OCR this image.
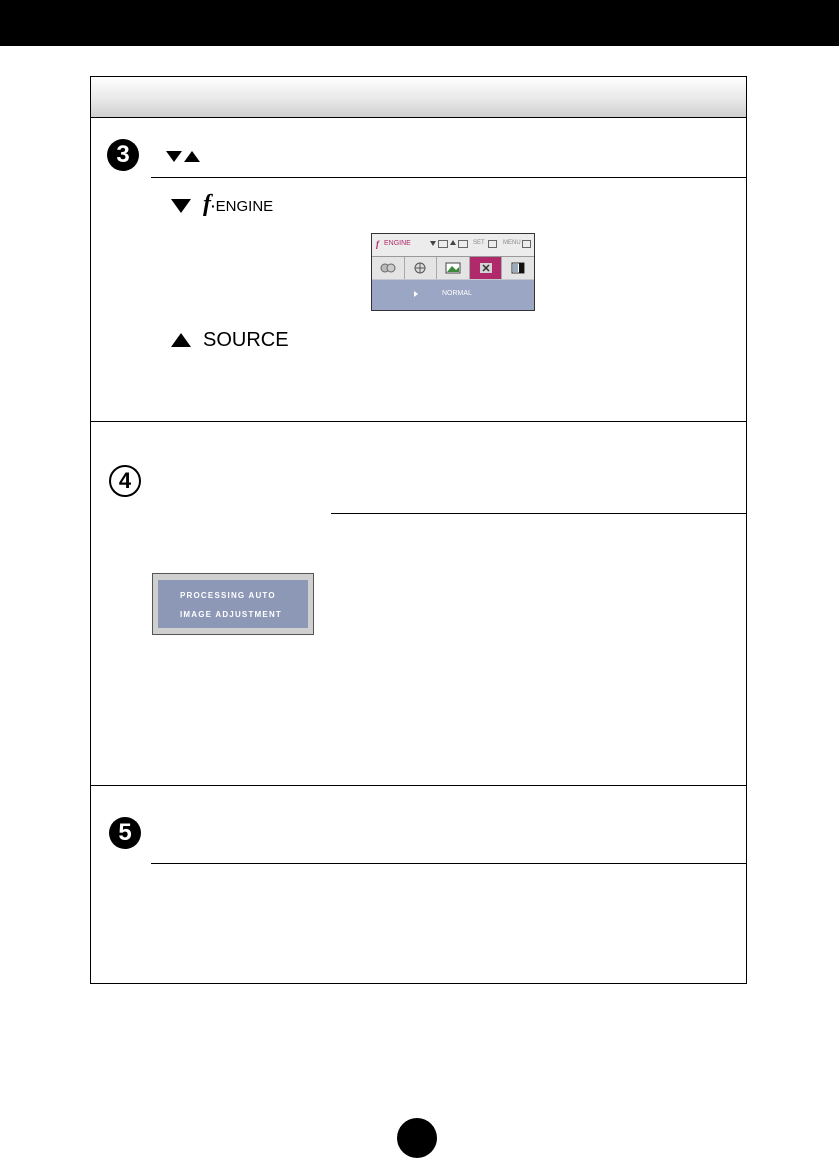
3
f · ENGINE
f ENGINE	SET	MENU
NORMAL
SOURCE
4
PROCESSING AUTO
IMAGE ADJUSTMENT
5
